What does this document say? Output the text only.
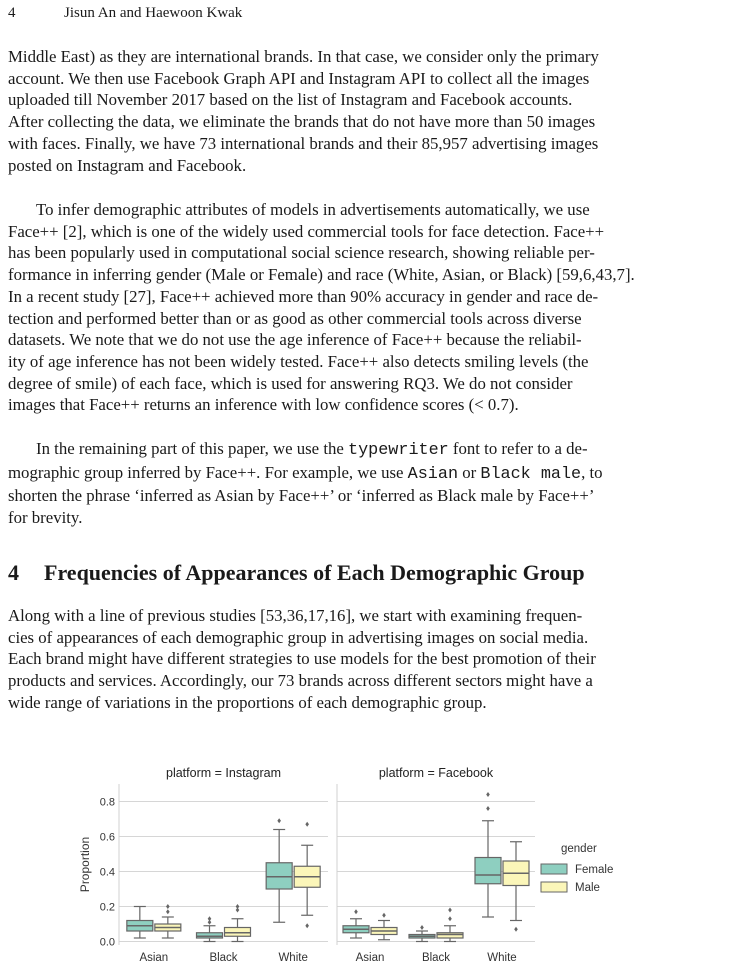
4	Jisun An and Haewoon Kwak

Middle East) as they are international brands. In that case, we consider only the primary
account. We then use Facebook Graph API and Instagram API to collect all the images
uploaded till November 2017 based on the list of Instagram and Facebook accounts.
After collecting the data, we eliminate the brands that do not have more than 50 images
with faces. Finally, we have 73 international brands and their 85,957 advertising images
posted on Instagram and Facebook.

To infer demographic attributes of models in advertisements automatically, we use
Face++ [2], which is one of the widely used commercial tools for face detection. Face++
has been popularly used in computational social science research, showing reliable per-
formance in inferring gender (Male or Female) and race (White, Asian, or Black) [59,6,43,7].
In a recent study [27], Face++ achieved more than 90% accuracy in gender and race de-
tection and performed better than or as good as other commercial tools across diverse
datasets. We note that we do not use the age inference of Face++ because the reliabil-
ity of age inference has not been widely tested. Face++ also detects smiling levels (the
degree of smile) of each face, which is used for answering RQ3. We do not consider
images that Face++ returns an inference with low confidence scores (< 0.7).

In the remaining part of this paper, we use the typewriter font to refer to a de-
mographic group inferred by Face++. For example, we use Asian or Black male, to
shorten the phrase ‘inferred as Asian by Face++’ or ‘inferred as Black male by Face++’
for brevity.

4 Frequencies of Appearances of Each Demographic Group

Along with a line of previous studies [53,36,17,16], we start with examining frequen-
cies of appearances of each demographic group in advertising images on social media.
Each brand might have different strategies to use models for the best promotion of their
products and services. Accordingly, our 73 brands across different sectors might have a
wide range of variations in the proportions of each demographic group.

Proportion
0.0
0.2
0.4
0.6
0.8
platform = Instagram
Asian	Black	White
platform = Facebook
Asian	Black	White
gender
Female
Male
